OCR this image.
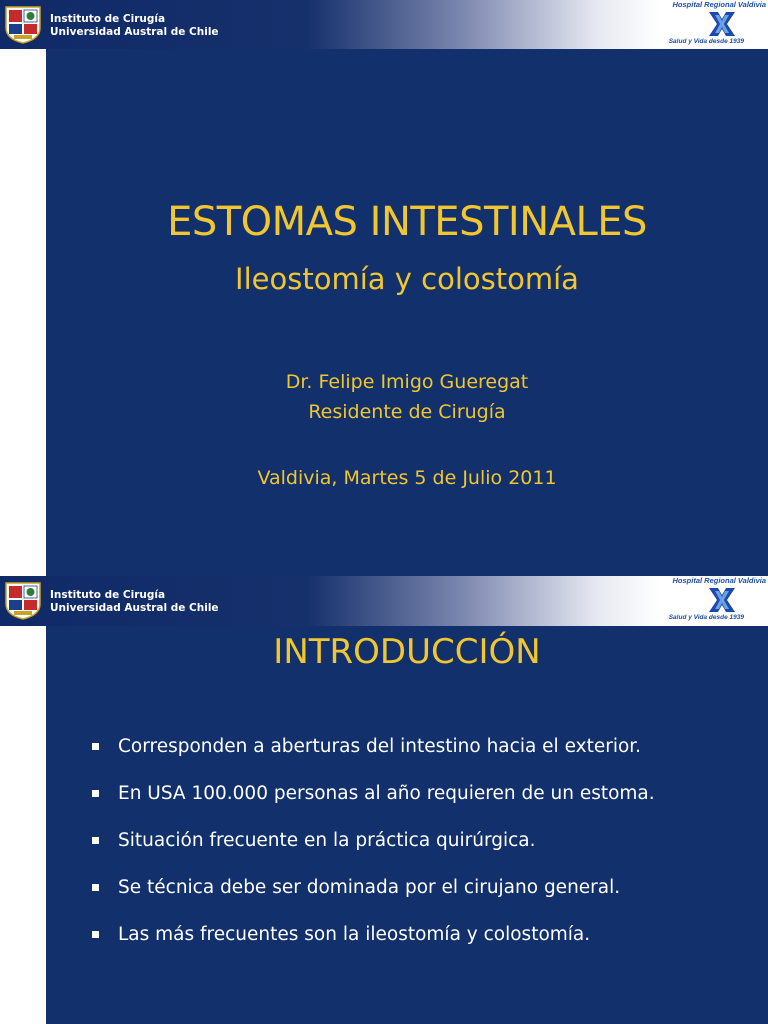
Instituto de Cirugía
Universidad Austral de Chile
Hospital Regional Valdivia
Salud y Vida desde 1939
ESTOMAS INTESTINALES
Ileostomía y colostomía
Dr. Felipe Imigo Gueregat
Residente de Cirugía
Valdivia, Martes 5 de Julio 2011
Instituto de Cirugía
Universidad Austral de Chile
Hospital Regional Valdivia
Salud y Vida desde 1939
INTRODUCCIÓN
Corresponden a aberturas del intestino hacia el exterior.
En USA 100.000 personas al año requieren de un estoma.
Situación frecuente en la práctica quirúrgica.
Se técnica debe ser dominada por el cirujano general.
Las más frecuentes son la ileostomía y colostomía.
